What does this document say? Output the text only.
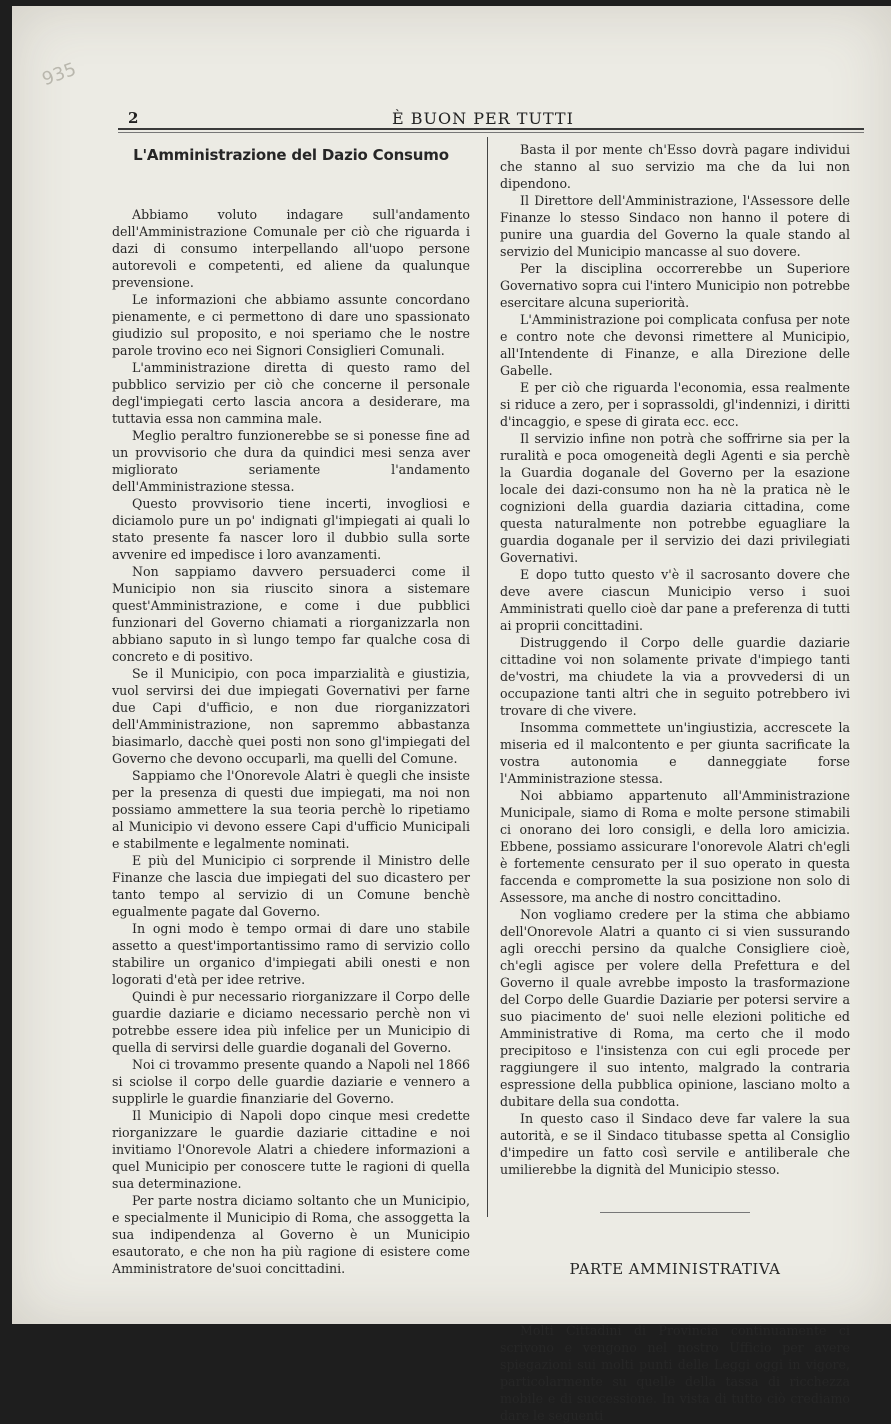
935
2	È BUON PER TUTTI
L'Amministrazione del Dazio Consumo

Abbiamo voluto indagare sull'andamento dell'Amministrazione Comunale per ciò che riguarda i dazi di consumo interpellando all'uopo persone autorevoli e competenti, ed aliene da qualunque prevensione.

Le informazioni che abbiamo assunte concordano pienamente, e ci permettono di dare uno spassionato giudizio sul proposito, e noi speriamo che le nostre parole trovino eco nei Signori Consiglieri Comunali.

L'amministrazione diretta di questo ramo del pubblico servizio per ciò che concerne il personale degl'impiegati certo lascia ancora a desiderare, ma tuttavia essa non cammina male.

Meglio peraltro funzionerebbe se si ponesse fine ad un provvisorio che dura da quindici mesi senza aver migliorato seriamente l'andamento dell'Amministrazione stessa.

Questo provvisorio tiene incerti, invogliosi e diciamolo pure un po' indignati gl'impiegati ai quali lo stato presente fa nascer loro il dubbio sulla sorte avvenire ed impedisce i loro avanzamenti.

Non sappiamo davvero persuaderci come il Municipio non sia riuscito sinora a sistemare quest'Amministrazione, e come i due pubblici funzionari del Governo chiamati a riorganizzarla non abbiano saputo in sì lungo tempo far qualche cosa di concreto e di positivo.

Se il Municipio, con poca imparzialità e giustizia, vuol servirsi dei due impiegati Governativi per farne due Capi d'ufficio, e non due riorganizzatori dell'Amministrazione, non sapremmo abbastanza biasimarlo, dacchè quei posti non sono gl'impiegati del Governo che devono occuparli, ma quelli del Comune.

Sappiamo che l'Onorevole Alatri è quegli che insiste per la presenza di questi due impiegati, ma noi non possiamo ammettere la sua teoria perchè lo ripetiamo al Municipio vi devono essere Capi d'ufficio Municipali e stabilmente e legalmente nominati.

E più del Municipio ci sorprende il Ministro delle Finanze che lascia due impiegati del suo dicastero per tanto tempo al servizio di un Comune benchè egualmente pagate dal Governo.

In ogni modo è tempo ormai di dare uno stabile assetto a quest'importantissimo ramo di servizio collo stabilire un organico d'impiegati abili onesti e non logorati d'età per idee retrive.

Quindi è pur necessario riorganizzare il Corpo delle guardie daziarie e diciamo necessario perchè non vi potrebbe essere idea più infelice per un Municipio di quella di servirsi delle guardie doganali del Governo.

Noi ci trovammo presente quando a Napoli nel 1866 si sciolse il corpo delle guardie daziarie e vennero a supplirle le guardie finanziarie del Governo.

Il Municipio di Napoli dopo cinque mesi credette riorganizzare le guardie daziarie cittadine e noi invitiamo l'Onorevole Alatri a chiedere informazioni a quel Municipio per conoscere tutte le ragioni di quella sua determinazione.

Per parte nostra diciamo soltanto che un Municipio, e specialmente il Municipio di Roma, che assoggetta la sua indipendenza al Governo è un Municipio esautorato, e che non ha più ragione di esistere come Amministratore de'suoi concittadini.

Basta il por mente ch'Esso dovrà pagare individui che stanno al suo servizio ma che da lui non dipendono.

Il Direttore dell'Amministrazione, l'Assessore delle Finanze lo stesso Sindaco non hanno il potere di punire una guardia del Governo la quale stando al servizio del Municipio mancasse al suo dovere.

Per la disciplina occorrerebbe un Superiore Governativo sopra cui l'intero Municipio non potrebbe esercitare alcuna superiorità.

L'Amministrazione poi complicata confusa per note e contro note che devonsi rimettere al Municipio, all'Intendente di Finanze, e alla Direzione delle Gabelle.

E per ciò che riguarda l'economia, essa realmente si riduce a zero, per i soprassoldi, gl'indennizi, i diritti d'incaggio, e spese di girata ecc. ecc.

Il servizio infine non potrà che soffrirne sia per la ruralità e poca omogeneità degli Agenti e sia perchè la Guardia doganale del Governo per la esazione locale dei dazi-consumo non ha nè la pratica nè le cognizioni della guardia daziaria cittadina, come questa naturalmente non potrebbe eguagliare la guardia doganale per il servizio dei dazi privilegiati Governativi.

E dopo tutto questo v'è il sacrosanto dovere che deve avere ciascun Municipio verso i suoi Amministrati quello cioè dar pane a preferenza di tutti ai proprii concittadini.

Distruggendo il Corpo delle guardie daziarie cittadine voi non solamente private d'impiego tanti de'vostri, ma chiudete la via a provvedersi di un occupazione tanti altri che in seguito potrebbero ivi trovare di che vivere.

Insomma commettete un'ingiustizia, accrescete la miseria ed il malcontento e per giunta sacrificate la vostra autonomia e danneggiate forse l'Amministrazione stessa.

Noi abbiamo appartenuto all'Amministrazione Municipale, siamo di Roma e molte persone stimabili ci onorano dei loro consigli, e della loro amicizia. Ebbene, possiamo assicurare l'onorevole Alatri ch'egli è fortemente censurato per il suo operato in questa faccenda e compromette la sua posizione non solo di Assessore, ma anche di nostro concittadino.

Non vogliamo credere per la stima che abbiamo dell'Onorevole Alatri a quanto ci si vien sussurando agli orecchi persino da qualche Consigliere cioè, ch'egli agisce per volere della Prefettura e del Governo il quale avrebbe imposto la trasformazione del Corpo delle Guardie Daziarie per potersi servire a suo piacimento de' suoi nelle elezioni politiche ed Amministrative di Roma, ma certo che il modo precipitoso e l'insistenza con cui egli procede per raggiungere il suo intento, malgrado la contraria espressione della pubblica opinione, lasciano molto a dubitare della sua condotta.

In questo caso il Sindaco deve far valere la sua autorità, e se il Sindaco titubasse spetta al Consiglio d'impedire un fatto così servile e antiliberale che umilierebbe la dignità del Municipio stesso.

PARTE AMMINISTRATIVA

Molti Cittadini di Provincia continuamente ci scrivono e vengono nel nostro Ufficio per avere spiegazioni sui molti punti delle Leggi oggi in vigore, particolarmente su quelle della tassa di ricchezza mobile e di successione. In vista di tutto ciò crediamo dare le seguenti
